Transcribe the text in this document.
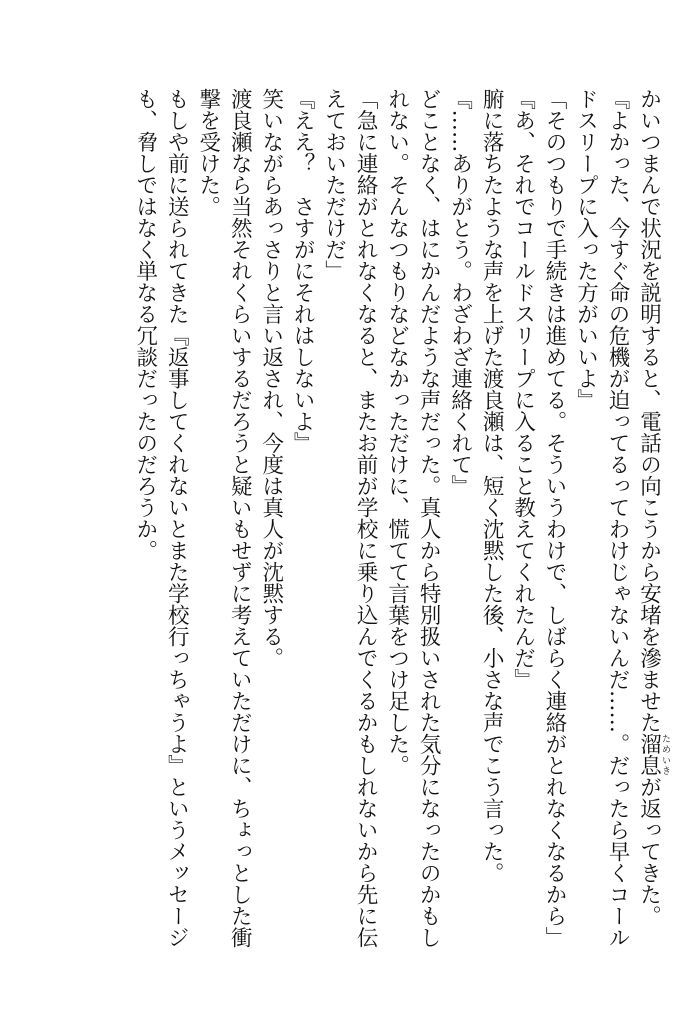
かいつまんで状況を説明すると、電話の向こうから安堵を滲ませた溜息ためいきが返ってきた。

『よかった、今すぐ命の危機が迫ってるってわけじゃないんだ……。だったら早くコールドスリープに入った方がいいよ』

「そのつもりで手続きは進めてる。そういうわけで、しばらく連絡がとれなくなるから」

『あ、それでコールドスリープに入ること教えてくれたんだ』

腑に落ちたような声を上げた渡良瀬は、短く沈黙した後、小さな声でこう言った。

『……ありがとう。わざわざ連絡くれて』

どことなく、はにかんだような声だった。真人から特別扱いされた気分になったのかもしれない。そんなつもりなどなかっただけに、慌てて言葉をつけ足した。

「急に連絡がとれなくなると、またお前が学校に乗り込んでくるかもしれないから先に伝えておいただけだ」

『ええ？　さすがにそれはしないよ』

笑いながらあっさりと言い返され、今度は真人が沈黙する。

渡良瀬なら当然それくらいするだろうと疑いもせずに考えていただけに、ちょっとした衝撃を受けた。

もしや前に送られてきた『返事してくれないとまた学校行っちゃうよ』というメッセージも、脅しではなく単なる冗談だったのだろうか。
